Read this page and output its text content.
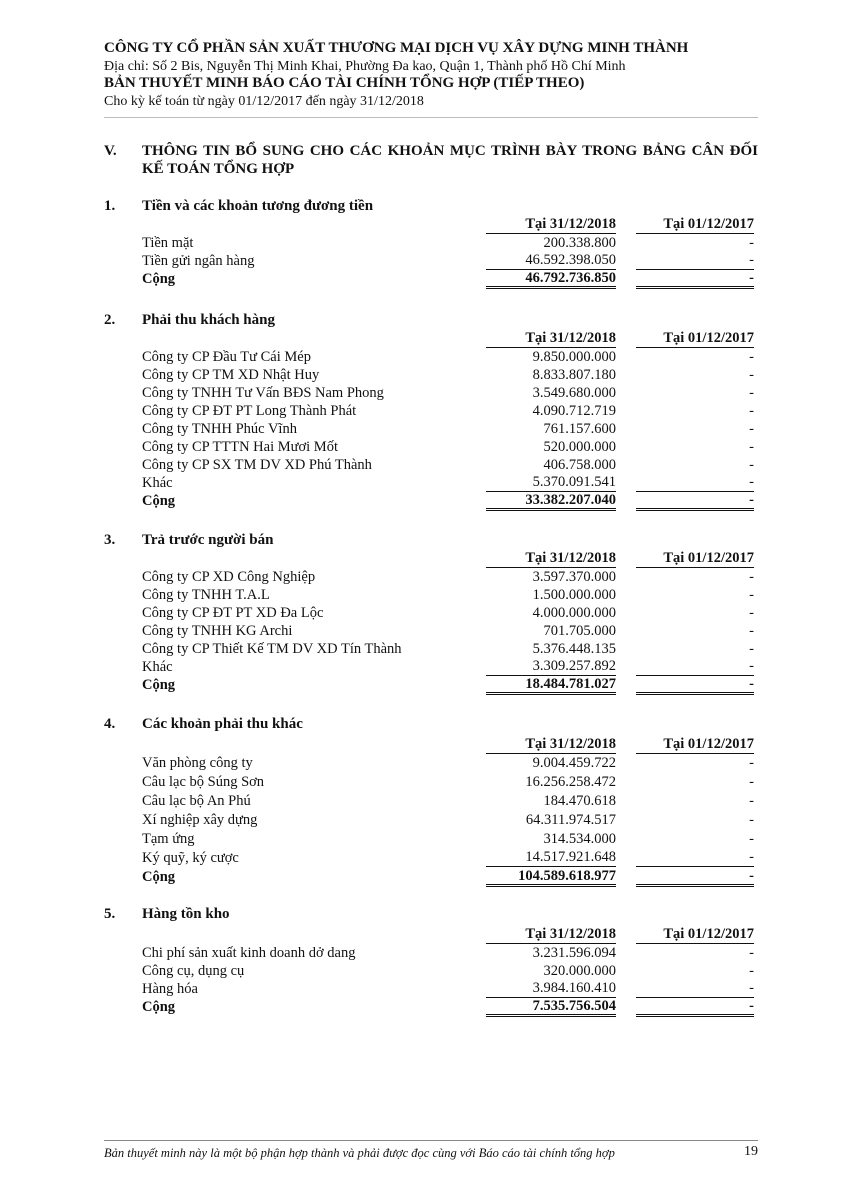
CÔNG TY CỔ PHẦN SẢN XUẤT THƯƠNG MẠI DỊCH VỤ XÂY DỰNG MINH THÀNH
Địa chỉ: Số 2 Bis, Nguyễn Thị Minh Khai, Phường Đa kao, Quận 1, Thành phố Hồ Chí Minh
BẢN THUYẾT MINH BÁO CÁO TÀI CHÍNH TỔNG HỢP (TIẾP THEO)
Cho kỳ kế toán từ ngày 01/12/2017 đến ngày 31/12/2018
V. THÔNG TIN BỔ SUNG CHO CÁC KHOẢN MỤC TRÌNH BÀY TRONG BẢNG CÂN ĐỐI KẾ TOÁN TỔNG HỢP
1. Tiền và các khoản tương đương tiền
Tại 31/12/2018	Tại 01/12/2017
Tiền mặt	200.338.800	-
Tiền gửi ngân hàng	46.592.398.050	-
Cộng	46.792.736.850	-
2. Phải thu khách hàng
Tại 31/12/2018	Tại 01/12/2017
Công ty CP Đầu Tư Cái Mép	9.850.000.000	-
Công ty CP TM XD Nhật Huy	8.833.807.180	-
Công ty TNHH Tư Vấn BĐS Nam Phong	3.549.680.000	-
Công ty CP ĐT PT Long Thành Phát	4.090.712.719	-
Công ty TNHH Phúc Vĩnh	761.157.600	-
Công ty CP TTTN Hai Mươi Mốt	520.000.000	-
Công ty CP SX TM DV XD Phú Thành	406.758.000	-
Khác	5.370.091.541	-
Cộng	33.382.207.040	-
3. Trả trước người bán
Tại 31/12/2018	Tại 01/12/2017
Công ty CP XD Công Nghiệp	3.597.370.000	-
Công ty TNHH T.A.L	1.500.000.000	-
Công ty CP ĐT PT XD Đa Lộc	4.000.000.000	-
Công ty TNHH KG Archi	701.705.000	-
Công ty CP Thiết Kế TM DV XD Tín Thành	5.376.448.135	-
Khác	3.309.257.892	-
Cộng	18.484.781.027	-
4. Các khoản phải thu khác
Tại 31/12/2018	Tại 01/12/2017
Văn phòng công ty	9.004.459.722	-
Câu lạc bộ Súng Sơn	16.256.258.472	-
Câu lạc bộ An Phú	184.470.618	-
Xí nghiệp xây dựng	64.311.974.517	-
Tạm ứng	314.534.000	-
Ký quỹ, ký cược	14.517.921.648	-
Cộng	104.589.618.977	-
5. Hàng tồn kho
Tại 31/12/2018	Tại 01/12/2017
Chi phí sản xuất kinh doanh dở dang	3.231.596.094	-
Công cụ, dụng cụ	320.000.000	-
Hàng hóa	3.984.160.410	-
Cộng	7.535.756.504	-
Bản thuyết minh này là một bộ phận hợp thành và phải được đọc cùng với Báo cáo tài chính tổng hợp	19
